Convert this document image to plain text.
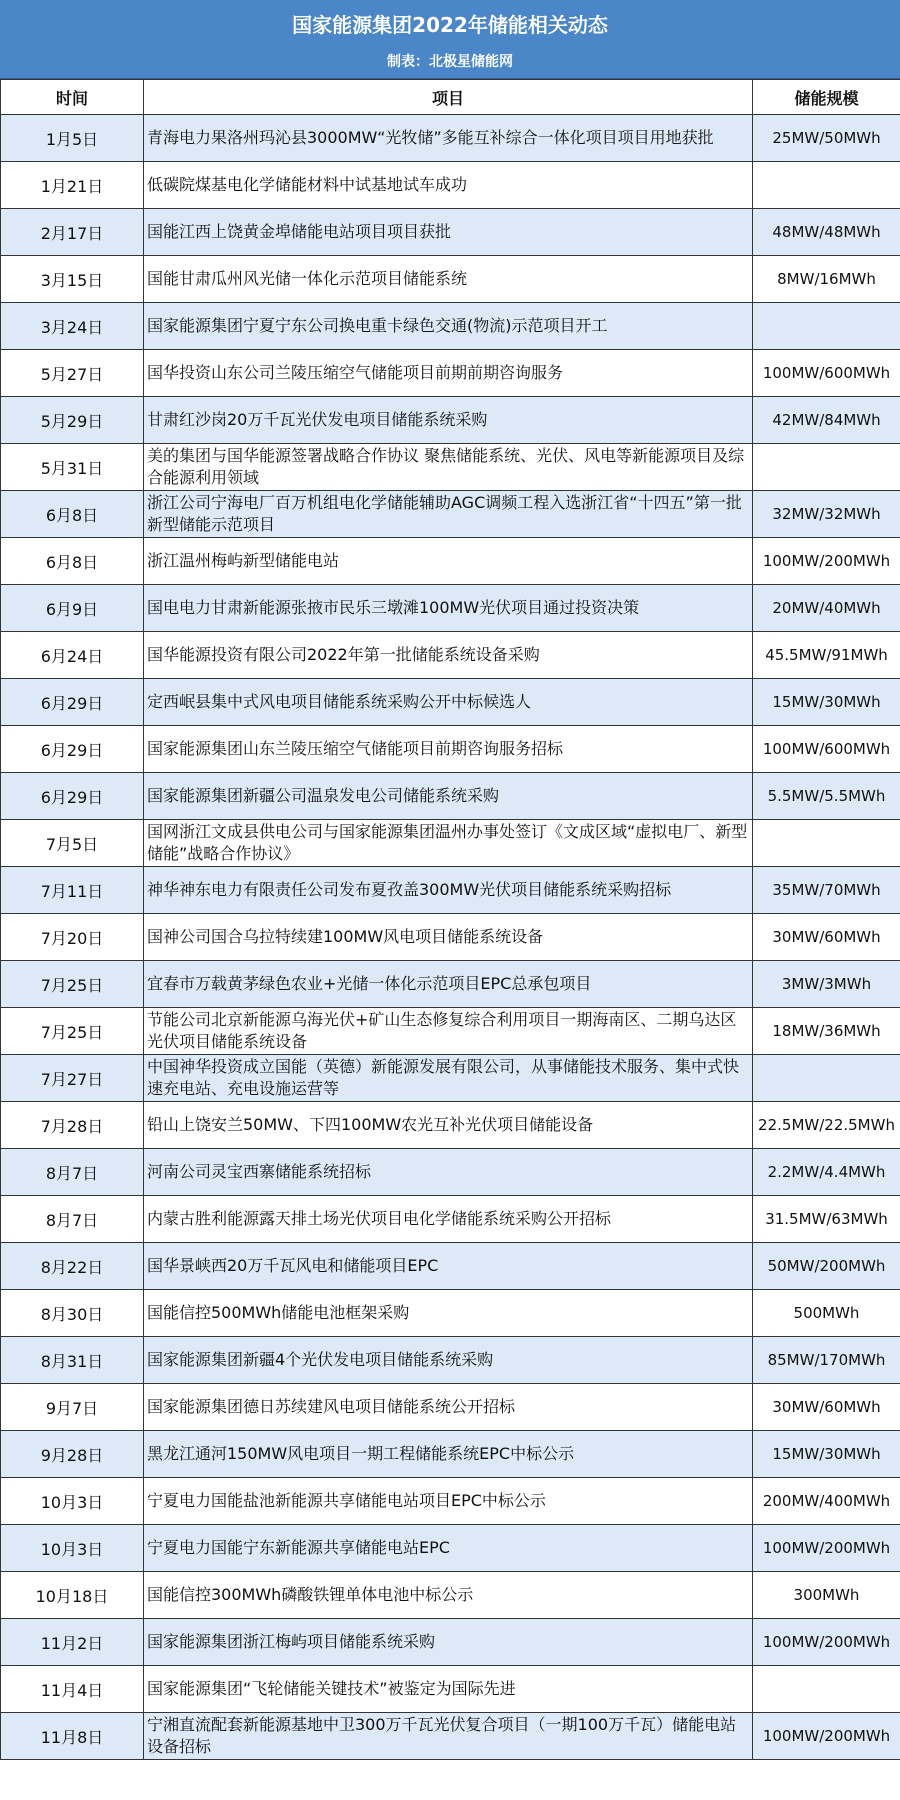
国家能源集团2022年储能相关动态
制表：北极星储能网
时间	项目	储能规模
1月5日	青海电力果洛州玛沁县3000MW“光牧储”多能互补综合一体化项目项目用地获批	25MW/50MWh
1月21日	低碳院煤基电化学储能材料中试基地试车成功	
2月17日	国能江西上饶黄金埠储能电站项目项目获批	48MW/48MWh
3月15日	国能甘肃瓜州风光储一体化示范项目储能系统	8MW/16MWh
3月24日	国家能源集团宁夏宁东公司换电重卡绿色交通(物流)示范项目开工	
5月27日	国华投资山东公司兰陵压缩空气储能项目前期前期咨询服务	100MW/600MWh
5月29日	甘肃红沙岗20万千瓦光伏发电项目储能系统采购	42MW/84MWh
5月31日	美的集团与国华能源签署战略合作协议 聚焦储能系统、光伏、风电等新能源项目及综合能源利用领域	
6月8日	浙江公司宁海电厂百万机组电化学储能辅助AGC调频工程入选浙江省“十四五”第一批新型储能示范项目	32MW/32MWh
6月8日	浙江温州梅屿新型储能电站	100MW/200MWh
6月9日	国电电力甘肃新能源张掖市民乐三墩滩100MW光伏项目通过投资决策	20MW/40MWh
6月24日	国华能源投资有限公司2022年第一批储能系统设备采购	45.5MW/91MWh
6月29日	定西岷县集中式风电项目储能系统采购公开中标候选人	15MW/30MWh
6月29日	国家能源集团山东兰陵压缩空气储能项目前期咨询服务招标	100MW/600MWh
6月29日	国家能源集团新疆公司温泉发电公司储能系统采购	5.5MW/5.5MWh
7月5日	国网浙江文成县供电公司与国家能源集团温州办事处签订《文成区域“虚拟电厂、新型储能”战略合作协议》	
7月11日	神华神东电力有限责任公司发布夏孜盖300MW光伏项目储能系统采购招标	35MW/70MWh
7月20日	国神公司国合乌拉特续建100MW风电项目储能系统设备	30MW/60MWh
7月25日	宜春市万载黄茅绿色农业+光储一体化示范项目EPC总承包项目	3MW/3MWh
7月25日	节能公司北京新能源乌海光伏+矿山生态修复综合利用项目一期海南区、二期乌达区光伏项目储能系统设备	18MW/36MWh
7月27日	中国神华投资成立国能（英德）新能源发展有限公司，从事储能技术服务、集中式快速充电站、充电设施运营等	
7月28日	铅山上饶安兰50MW、下四100MW农光互补光伏项目储能设备	22.5MW/22.5MWh
8月7日	河南公司灵宝西寨储能系统招标	2.2MW/4.4MWh
8月7日	内蒙古胜利能源露天排土场光伏项目电化学储能系统采购公开招标	31.5MW/63MWh
8月22日	国华景峡西20万千瓦风电和储能项目EPC	50MW/200MWh
8月30日	国能信控500MWh储能电池框架采购	500MWh
8月31日	国家能源集团新疆4个光伏发电项目储能系统采购	85MW/170MWh
9月7日	国家能源集团德日苏续建风电项目储能系统公开招标	30MW/60MWh
9月28日	黑龙江通河150MW风电项目一期工程储能系统EPC中标公示	15MW/30MWh
10月3日	宁夏电力国能盐池新能源共享储能电站项目EPC中标公示	200MW/400MWh
10月3日	宁夏电力国能宁东新能源共享储能电站EPC	100MW/200MWh
10月18日	国能信控300MWh磷酸铁锂单体电池中标公示	300MWh
11月2日	国家能源集团浙江梅屿项目储能系统采购	100MW/200MWh
11月4日	国家能源集团“飞轮储能关键技术”被鉴定为国际先进	
11月8日	宁湘直流配套新能源基地中卫300万千瓦光伏复合项目（一期100万千瓦）储能电站设备招标	100MW/200MWh
